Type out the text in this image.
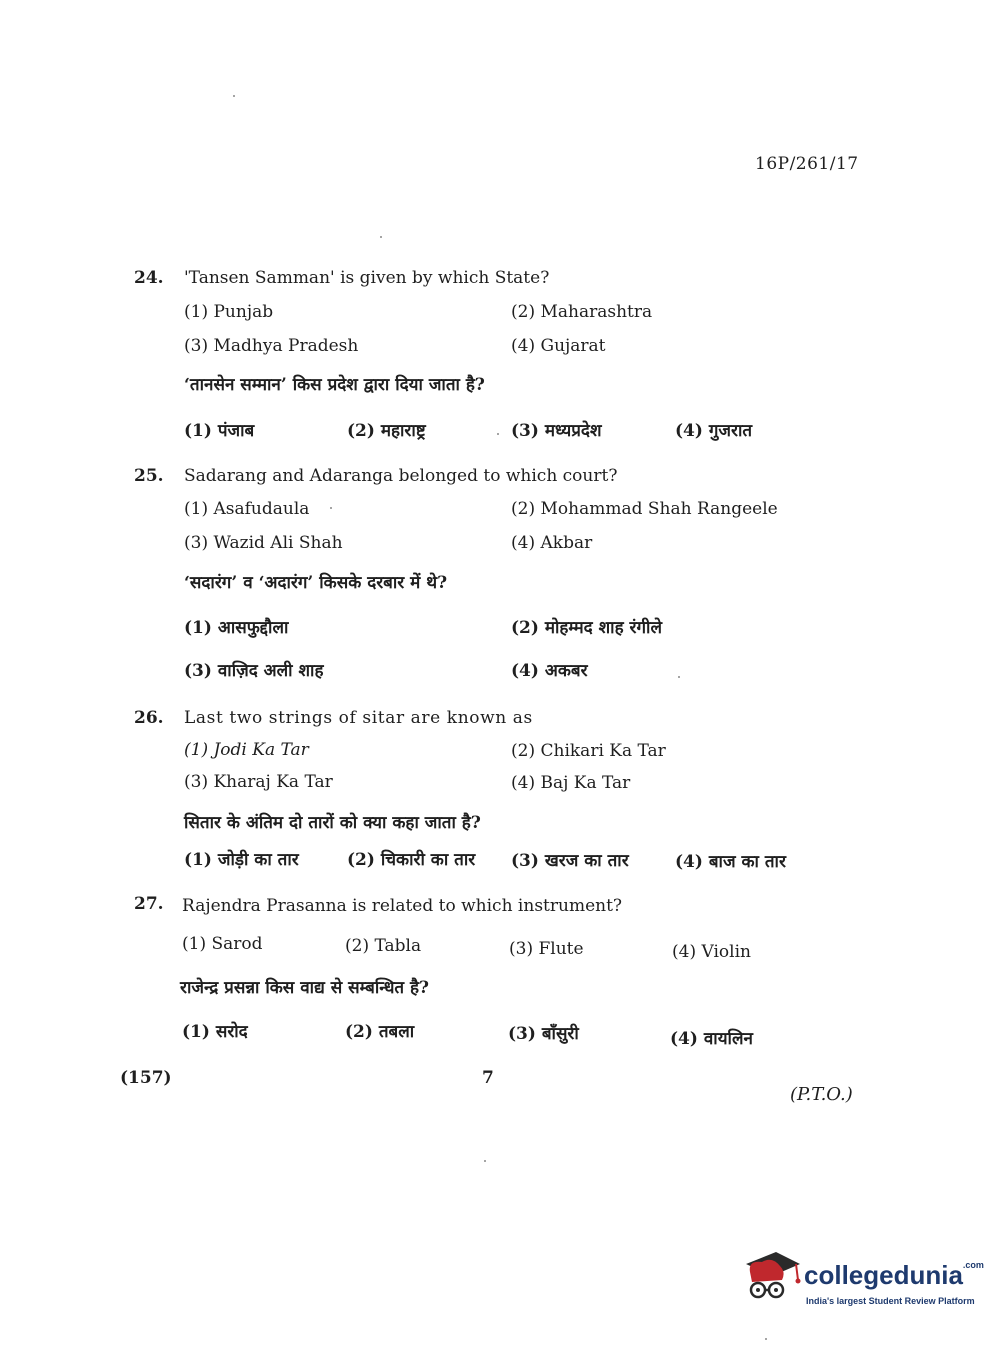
16P/261/17
24. 'Tansen Samman' is given by which State?
(1) Punjab	(2) Maharashtra
(3) Madhya Pradesh	(4) Gujarat
‘तानसेन सम्मान’ किस प्रदेश द्वारा दिया जाता है?
(1) पंजाब	(2) महाराष्ट्र	(3) मध्यप्रदेश	(4) गुजरात
25. Sadarang and Adaranga belonged to which court?
(1) Asafudaula	(2) Mohammad Shah Rangeele
(3) Wazid Ali Shah	(4) Akbar
‘सदारंग’ व ‘अदारंग’ किसके दरबार में थे?
(1) आसफुद्दौला	(2) मोहम्मद शाह रंगीले
(3) वाज़िद अली शाह	(4) अकबर
26. Last two strings of sitar are known as
(1) Jodi Ka Tar	(2) Chikari Ka Tar
(3) Kharaj Ka Tar	(4) Baj Ka Tar
सितार के अंतिम दो तारों को क्या कहा जाता है?
(1) जोड़ी का तार	(2) चिकारी का तार (3) खरज का तार	(4) बाज का तार
27. Rajendra Prasanna is related to which instrument?
(1) Sarod	(2) Tabla	(3) Flute	(4) Violin
राजेन्द्र प्रसन्ना किस वाद्य से सम्बन्धित है?
(1) सरोद	(2) तबला	(3) बाँसुरी	(4) वायलिन
(157)	7
(P.T.O.)
collegedunia$^{.com}$
India's largest Student Review Platform
